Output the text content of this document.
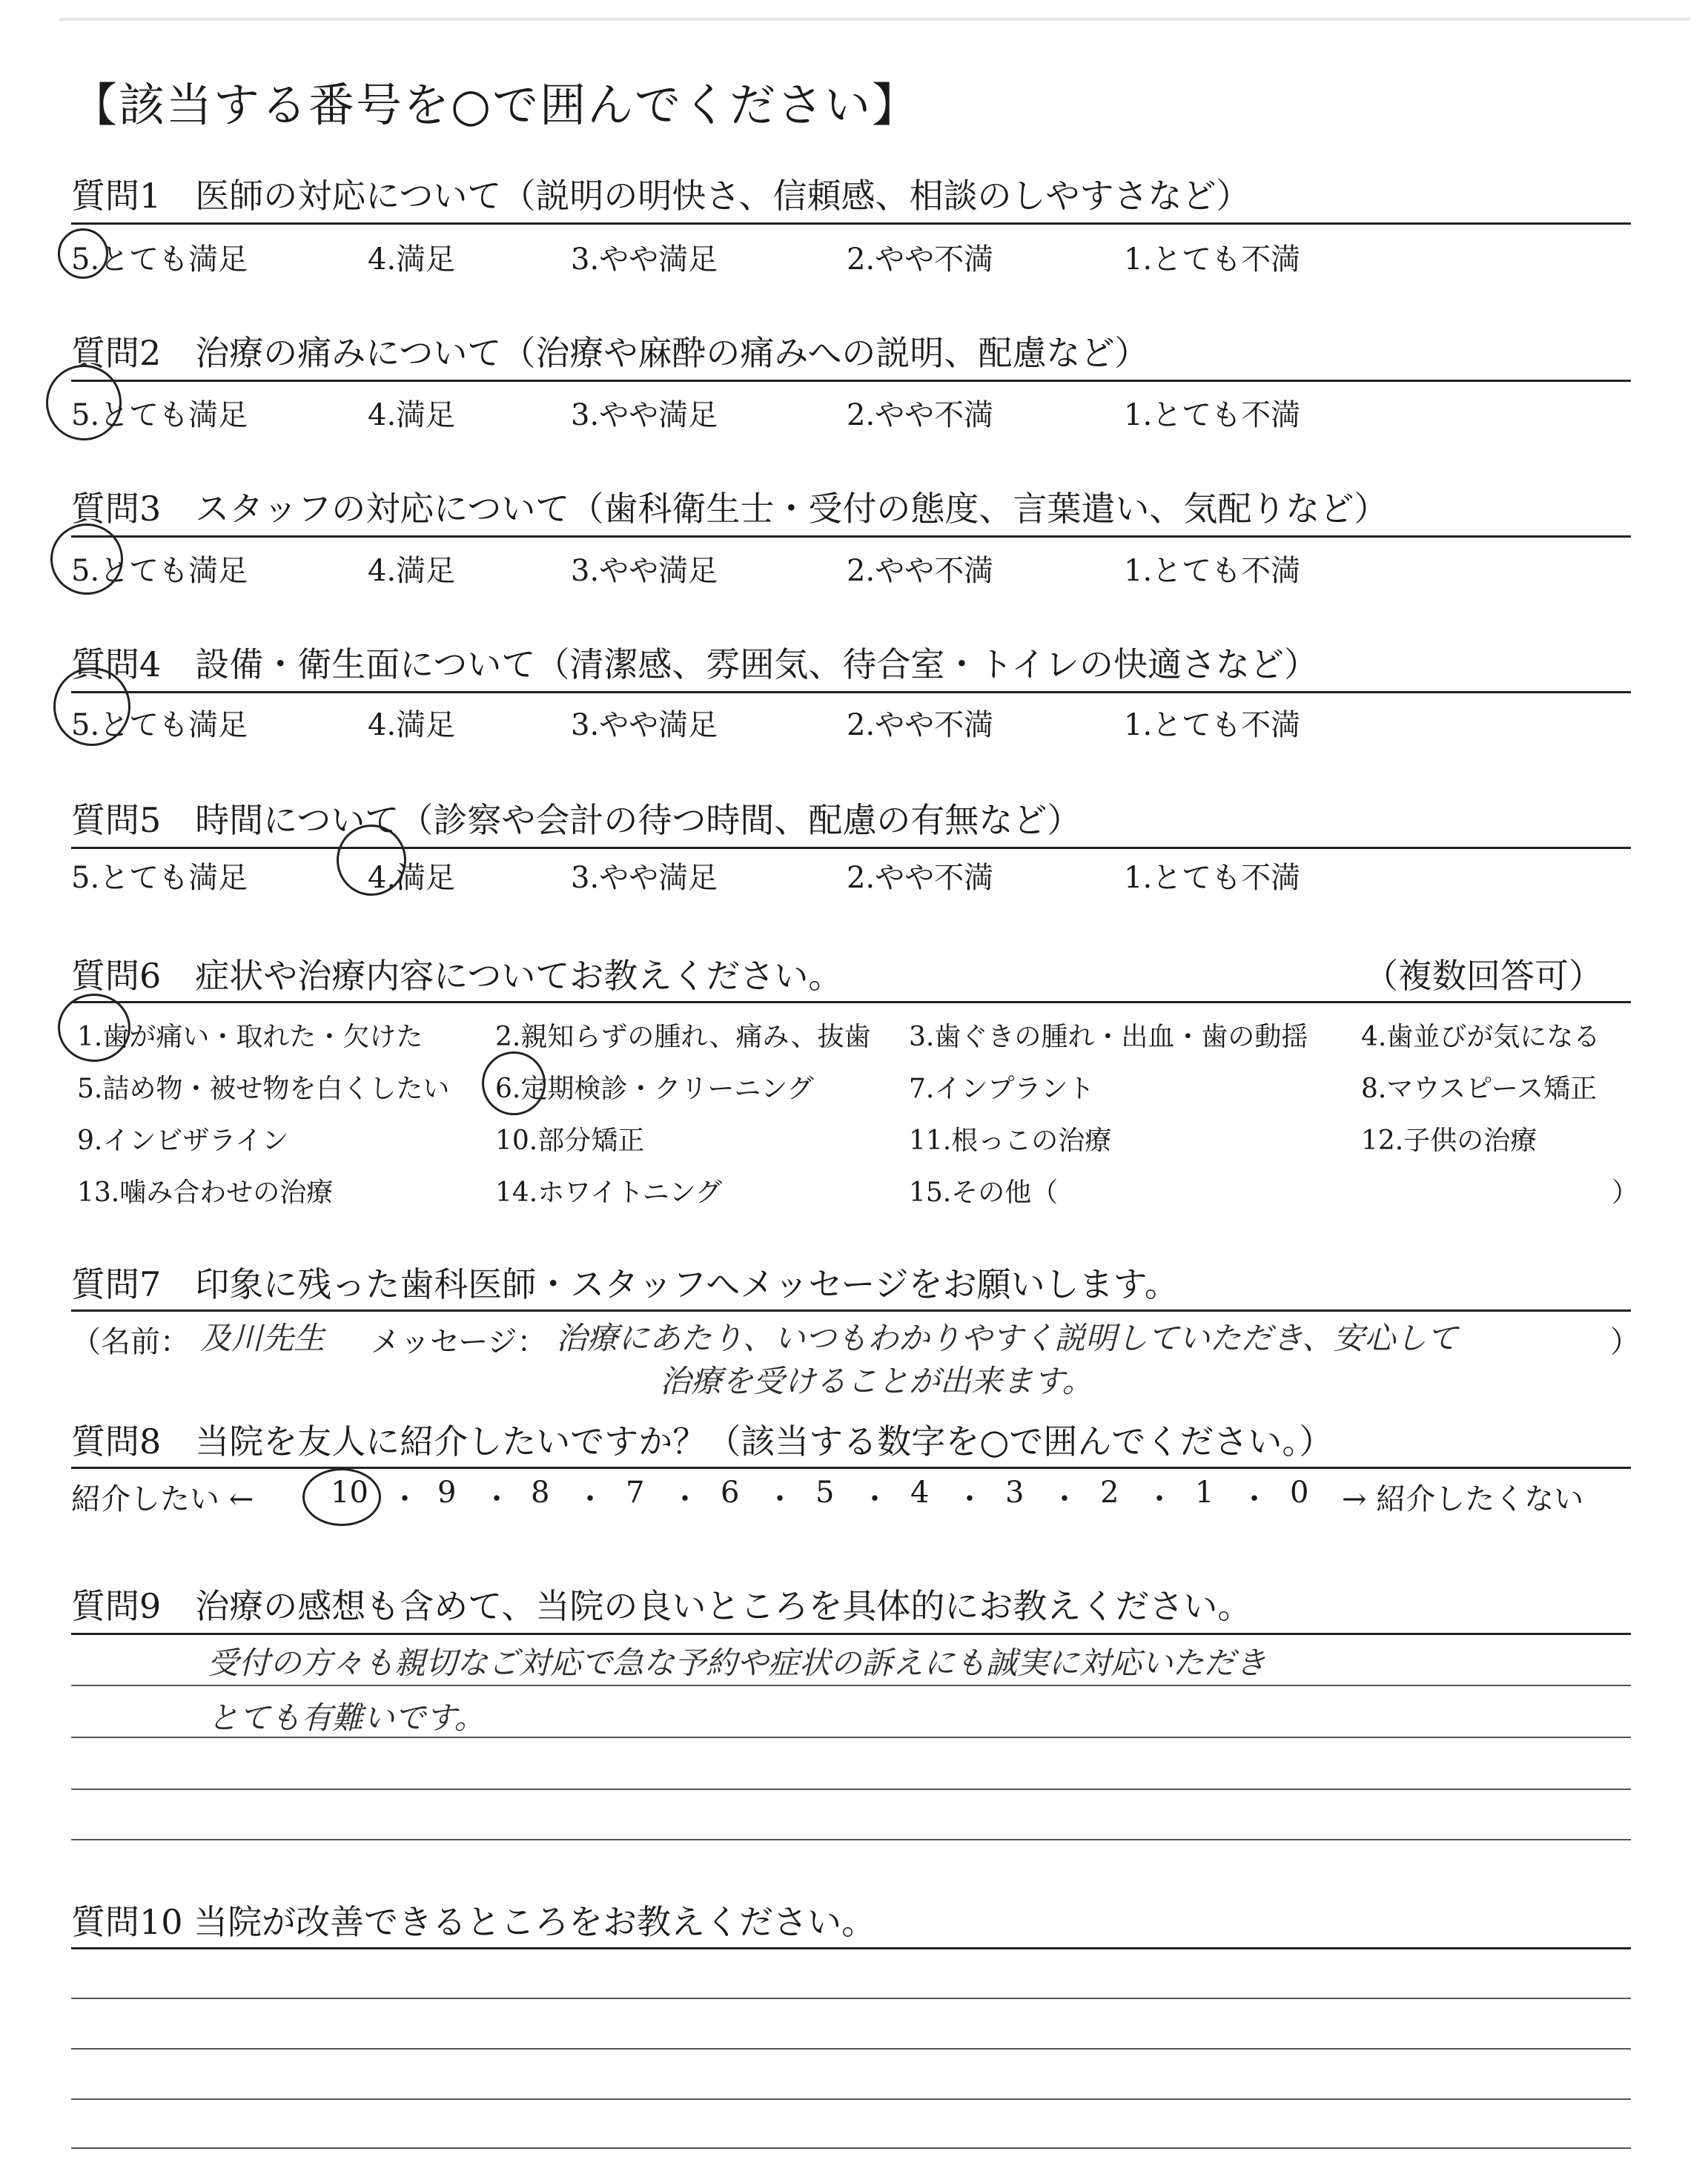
【該当する番号を○で囲んでください】
質問1　医師の対応について（説明の明快さ、信頼感、相談のしやすさなど）
5.とても満足	4.満足	3.やや満足	2.やや不満	1.とても不満
質問2　治療の痛みについて（治療や麻酔の痛みへの説明、配慮など）
5.とても満足	4.満足	3.やや満足	2.やや不満	1.とても不満
質問3　スタッフの対応について（歯科衛生士・受付の態度、言葉遣い、気配りなど）
5.とても満足	4.満足	3.やや満足	2.やや不満	1.とても不満
質問4　設備・衛生面について（清潔感、雰囲気、待合室・トイレの快適さなど）
5.とても満足	4.満足	3.やや満足	2.やや不満	1.とても不満
質問5　時間について（診察や会計の待つ時間、配慮の有無など）
5.とても満足	4.満足	3.やや満足	2.やや不満	1.とても不満
質問6　症状や治療内容についてお教えください。	（複数回答可）
1.歯が痛い・取れた・欠けた	2.親知らずの腫れ、痛み、抜歯 3.歯ぐきの腫れ・出血・歯の動揺 4.歯並びが気になる
5.詰め物・被せ物を白くしたい 6.定期検診・クリーニング	7.インプラント	8.マウスピース矯正
9.インビザライン	10.部分矯正	11.根っこの治療	12.子供の治療
13.噛み合わせの治療	14.ホワイトニング	15.その他（	）
質問7　印象に残った歯科医師・スタッフへメッセージをお願いします。
（名前： 及川先生 メッセージ： 治療にあたり、いつもわかりやすく説明していただき、安心して	）
治療を受けることが出来ます。
質問8　当院を友人に紹介したいですか？（該当する数字を○で囲んでください。）
紹介したい ←	10 ・ 9 ・ 8 ・ 7 ・ 6 ・ 5 ・ 4 ・ 3 ・ 2 ・ 1 ・ 0 → 紹介したくない
質問9　治療の感想も含めて、当院の良いところを具体的にお教えください。
受付の方々も親切なご対応で急な予約や症状の訴えにも誠実に対応いただき
とても有難いです。
質問10 当院が改善できるところをお教えください。
